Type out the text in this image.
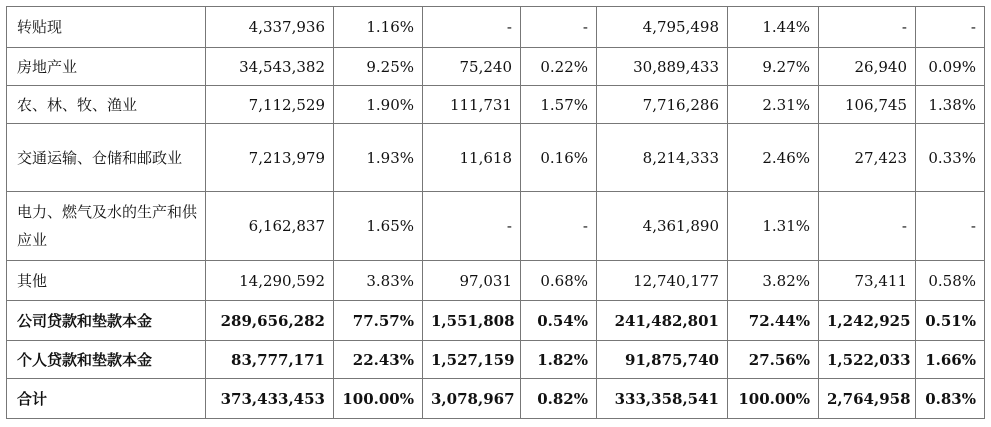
转贴现	4,337,936	1.16%	-	-	4,795,498	1.44%	-	-
房地产业	34,543,382	9.25%	75,240	0.22%	30,889,433	9.27%	26,940	0.09%
农、林、牧、渔业	7,112,529	1.90%	111,731	1.57%	7,716,286	2.31%	106,745	1.38%
交通运输、仓储和邮政业	7,213,979	1.93%	11,618	0.16%	8,214,333	2.46%	27,423	0.33%
电力、燃气及水的生产和供应业	6,162,837	1.65%	-	-	4,361,890	1.31%	-	-
其他	14,290,592	3.83%	97,031	0.68%	12,740,177	3.82%	73,411	0.58%
公司贷款和垫款本金	289,656,282	77.57%	1,551,808	0.54%	241,482,801	72.44%	1,242,925	0.51%
个人贷款和垫款本金	83,777,171	22.43%	1,527,159	1.82%	91,875,740	27.56%	1,522,033	1.66%
合计	373,433,453	100.00%	3,078,967	0.82%	333,358,541	100.00%	2,764,958	0.83%
